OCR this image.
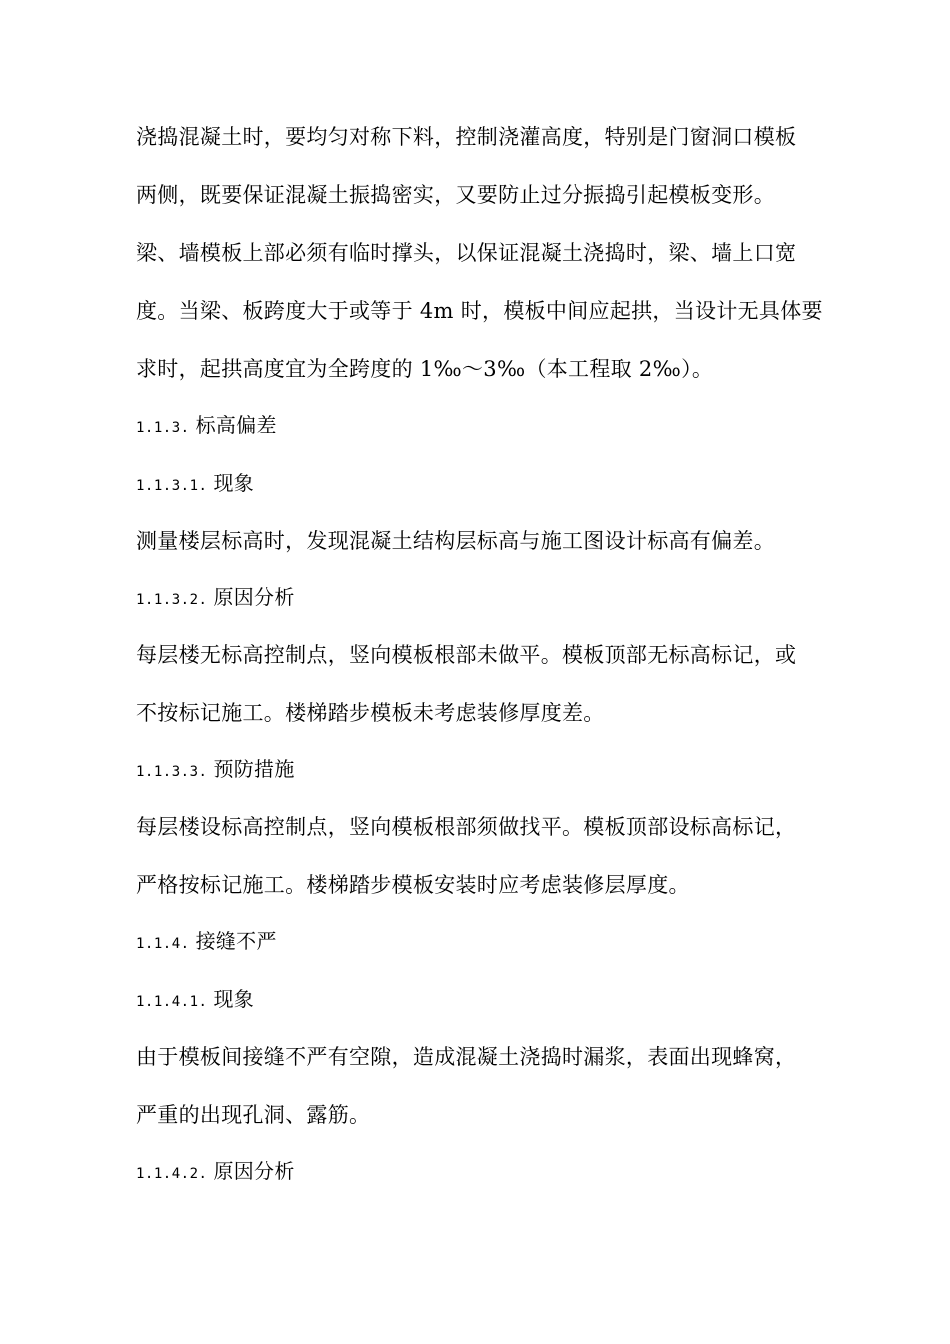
浇捣混凝土时，要均匀对称下料，控制浇灌高度，特别是门窗洞口模板
两侧，既要保证混凝土振捣密实，又要防止过分振捣引起模板变形。
梁、墙模板上部必须有临时撑头，以保证混凝土浇捣时，梁、墙上口宽
度。当梁、板跨度大于或等于 4m 时，模板中间应起拱，当设计无具体要
求时，起拱高度宜为全跨度的 1‰～3‰（本工程取 2‰）。
1.1.3. 标高偏差
1.1.3.1. 现象
测量楼层标高时，发现混凝土结构层标高与施工图设计标高有偏差。
1.1.3.2. 原因分析
每层楼无标高控制点，竖向模板根部未做平。模板顶部无标高标记，或
不按标记施工。楼梯踏步模板未考虑装修厚度差。
1.1.3.3. 预防措施
每层楼设标高控制点，竖向模板根部须做找平。模板顶部设标高标记，
严格按标记施工。楼梯踏步模板安装时应考虑装修层厚度。
1.1.4. 接缝不严
1.1.4.1. 现象
由于模板间接缝不严有空隙，造成混凝土浇捣时漏浆，表面出现蜂窝，
严重的出现孔洞、露筋。
1.1.4.2. 原因分析
